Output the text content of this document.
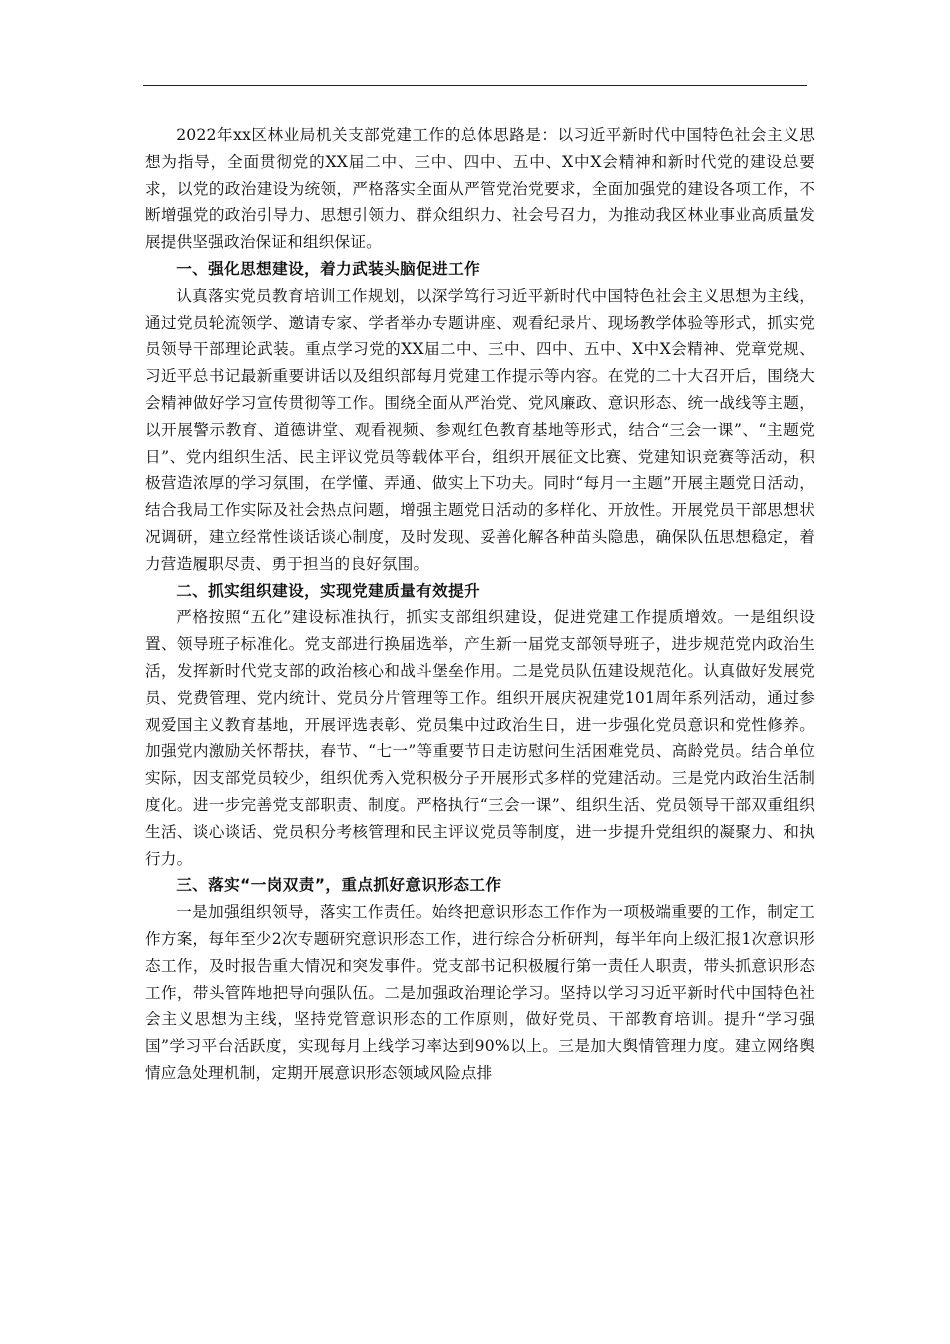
2022年xx区林业局机关支部党建工作的总体思路是：以习近平新时代中国特色社会主义思想为指导，全面贯彻党的XX届二中、三中、四中、五中、X中X会精神和新时代党的建设总要求，以党的政治建设为统领，严格落实全面从严管党治党要求，全面加强党的建设各项工作，不断增强党的政治引导力、思想引领力、群众组织力、社会号召力，为推动我区林业事业高质量发展提供坚强政治保证和组织保证。

一、强化思想建设，着力武装头脑促进工作

认真落实党员教育培训工作规划，以深学笃行习近平新时代中国特色社会主义思想为主线，通过党员轮流领学、邀请专家、学者举办专题讲座、观看纪录片、现场教学体验等形式，抓实党员领导干部理论武装。重点学习党的XX届二中、三中、四中、五中、X中X会精神、党章党规、习近平总书记最新重要讲话以及组织部每月党建工作提示等内容。在党的二十大召开后，围绕大会精神做好学习宣传贯彻等工作。围绕全面从严治党、党风廉政、意识形态、统一战线等主题，以开展警示教育、道德讲堂、观看视频、参观红色教育基地等形式，结合“三会一课”、“主题党日”、党内组织生活、民主评议党员等载体平台，组织开展征文比赛、党建知识竞赛等活动，积极营造浓厚的学习氛围，在学懂、弄通、做实上下功夫。同时“每月一主题”开展主题党日活动，结合我局工作实际及社会热点问题，增强主题党日活动的多样化、开放性。开展党员干部思想状况调研，建立经常性谈话谈心制度，及时发现、妥善化解各种苗头隐患，确保队伍思想稳定，着力营造履职尽责、勇于担当的良好氛围。

二、抓实组织建设，实现党建质量有效提升

严格按照“五化”建设标准执行，抓实支部组织建设，促进党建工作提质增效。一是组织设置、领导班子标准化。党支部进行换届选举，产生新一届党支部领导班子，进步规范党内政治生活，发挥新时代党支部的政治核心和战斗堡垒作用。二是党员队伍建设规范化。认真做好发展党员、党费管理、党内统计、党员分片管理等工作。组织开展庆祝建党101周年系列活动，通过参观爱国主义教育基地，开展评选表彰、党员集中过政治生日，进一步强化党员意识和党性修养。加强党内激励关怀帮扶，春节、“七一”等重要节日走访慰问生活困难党员、高龄党员。结合单位实际，因支部党员较少，组织优秀入党积极分子开展形式多样的党建活动。三是党内政治生活制度化。进一步完善党支部职责、制度。严格执行“三会一课”、组织生活、党员领导干部双重组织生活、谈心谈话、党员积分考核管理和民主评议党员等制度，进一步提升党组织的凝聚力、和执行力。

三、落实“一岗双责”，重点抓好意识形态工作

一是加强组织领导，落实工作责任。始终把意识形态工作作为一项极端重要的工作，制定工作方案，每年至少2次专题研究意识形态工作，进行综合分析研判，每半年向上级汇报1次意识形态工作，及时报告重大情况和突发事件。党支部书记积极履行第一责任人职责，带头抓意识形态工作，带头管阵地把导向强队伍。二是加强政治理论学习。坚持以学习习近平新时代中国特色社会主义思想为主线，坚持党管意识形态的工作原则，做好党员、干部教育培训。提升“学习强国”学习平台活跃度，实现每月上线学习率达到90%以上。三是加大舆情管理力度。建立网络舆情应急处理机制，定期开展意识形态领域风险点排
